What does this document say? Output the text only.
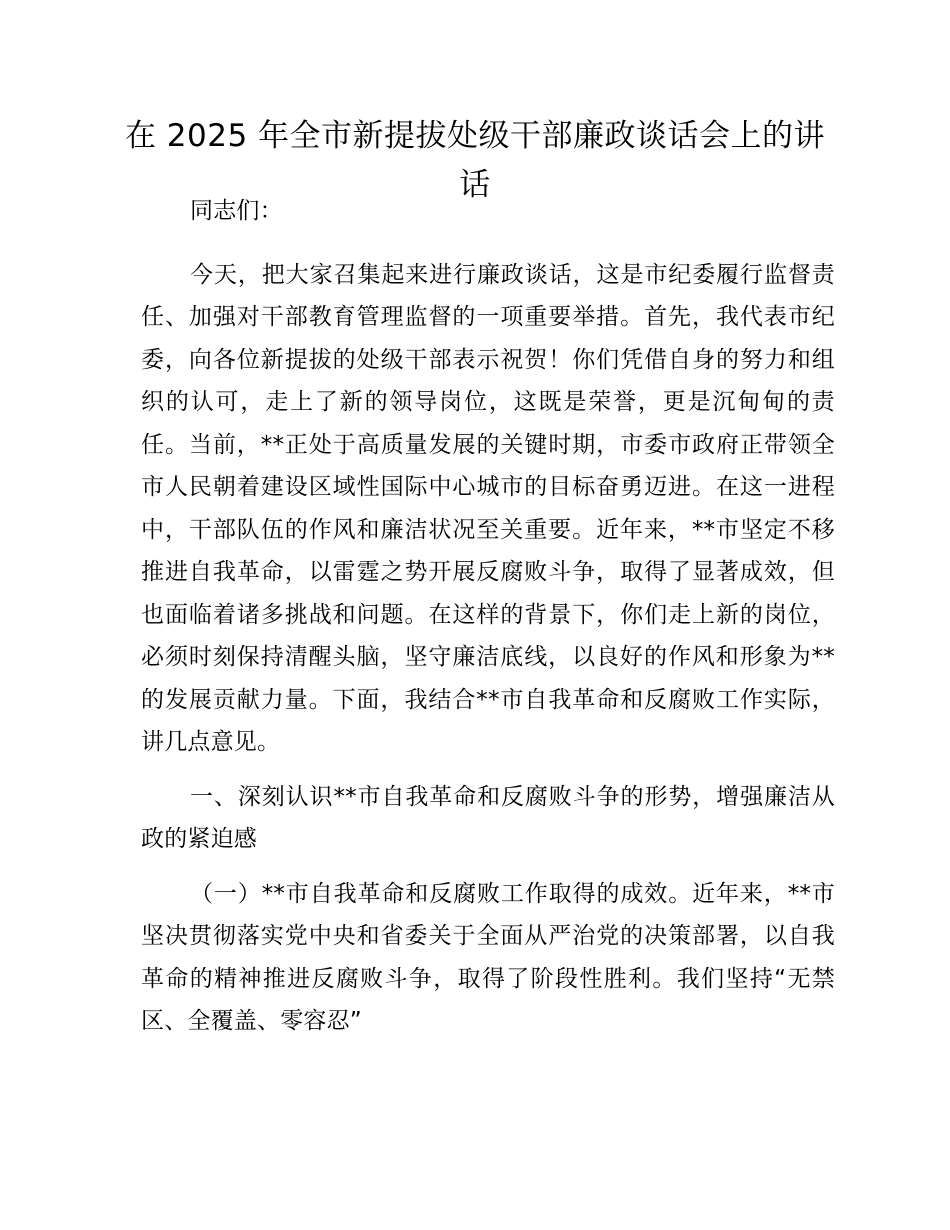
在 2025 年全市新提拔处级干部廉政谈话会上的讲话

同志们：

今天，把大家召集起来进行廉政谈话，这是市纪委履行监督责任、加强对干部教育管理监督的一项重要举措。首先，我代表市纪委，向各位新提拔的处级干部表示祝贺！你们凭借自身的努力和组织的认可，走上了新的领导岗位，这既是荣誉，更是沉甸甸的责任。当前，**正处于高质量发展的关键时期，市委市政府正带领全市人民朝着建设区域性国际中心城市的目标奋勇迈进。在这一进程中，干部队伍的作风和廉洁状况至关重要。近年来，**市坚定不移推进自我革命，以雷霆之势开展反腐败斗争，取得了显著成效，但也面临着诸多挑战和问题。在这样的背景下，你们走上新的岗位，必须时刻保持清醒头脑，坚守廉洁底线，以良好的作风和形象为**的发展贡献力量。下面，我结合**市自我革命和反腐败工作实际，讲几点意见。

一、深刻认识**市自我革命和反腐败斗争的形势，增强廉洁从政的紧迫感

（一）**市自我革命和反腐败工作取得的成效。近年来，**市坚决贯彻落实党中央和省委关于全面从严治党的决策部署，以自我革命的精神推进反腐败斗争，取得了阶段性胜利。我们坚持“无禁区、全覆盖、零容忍”
